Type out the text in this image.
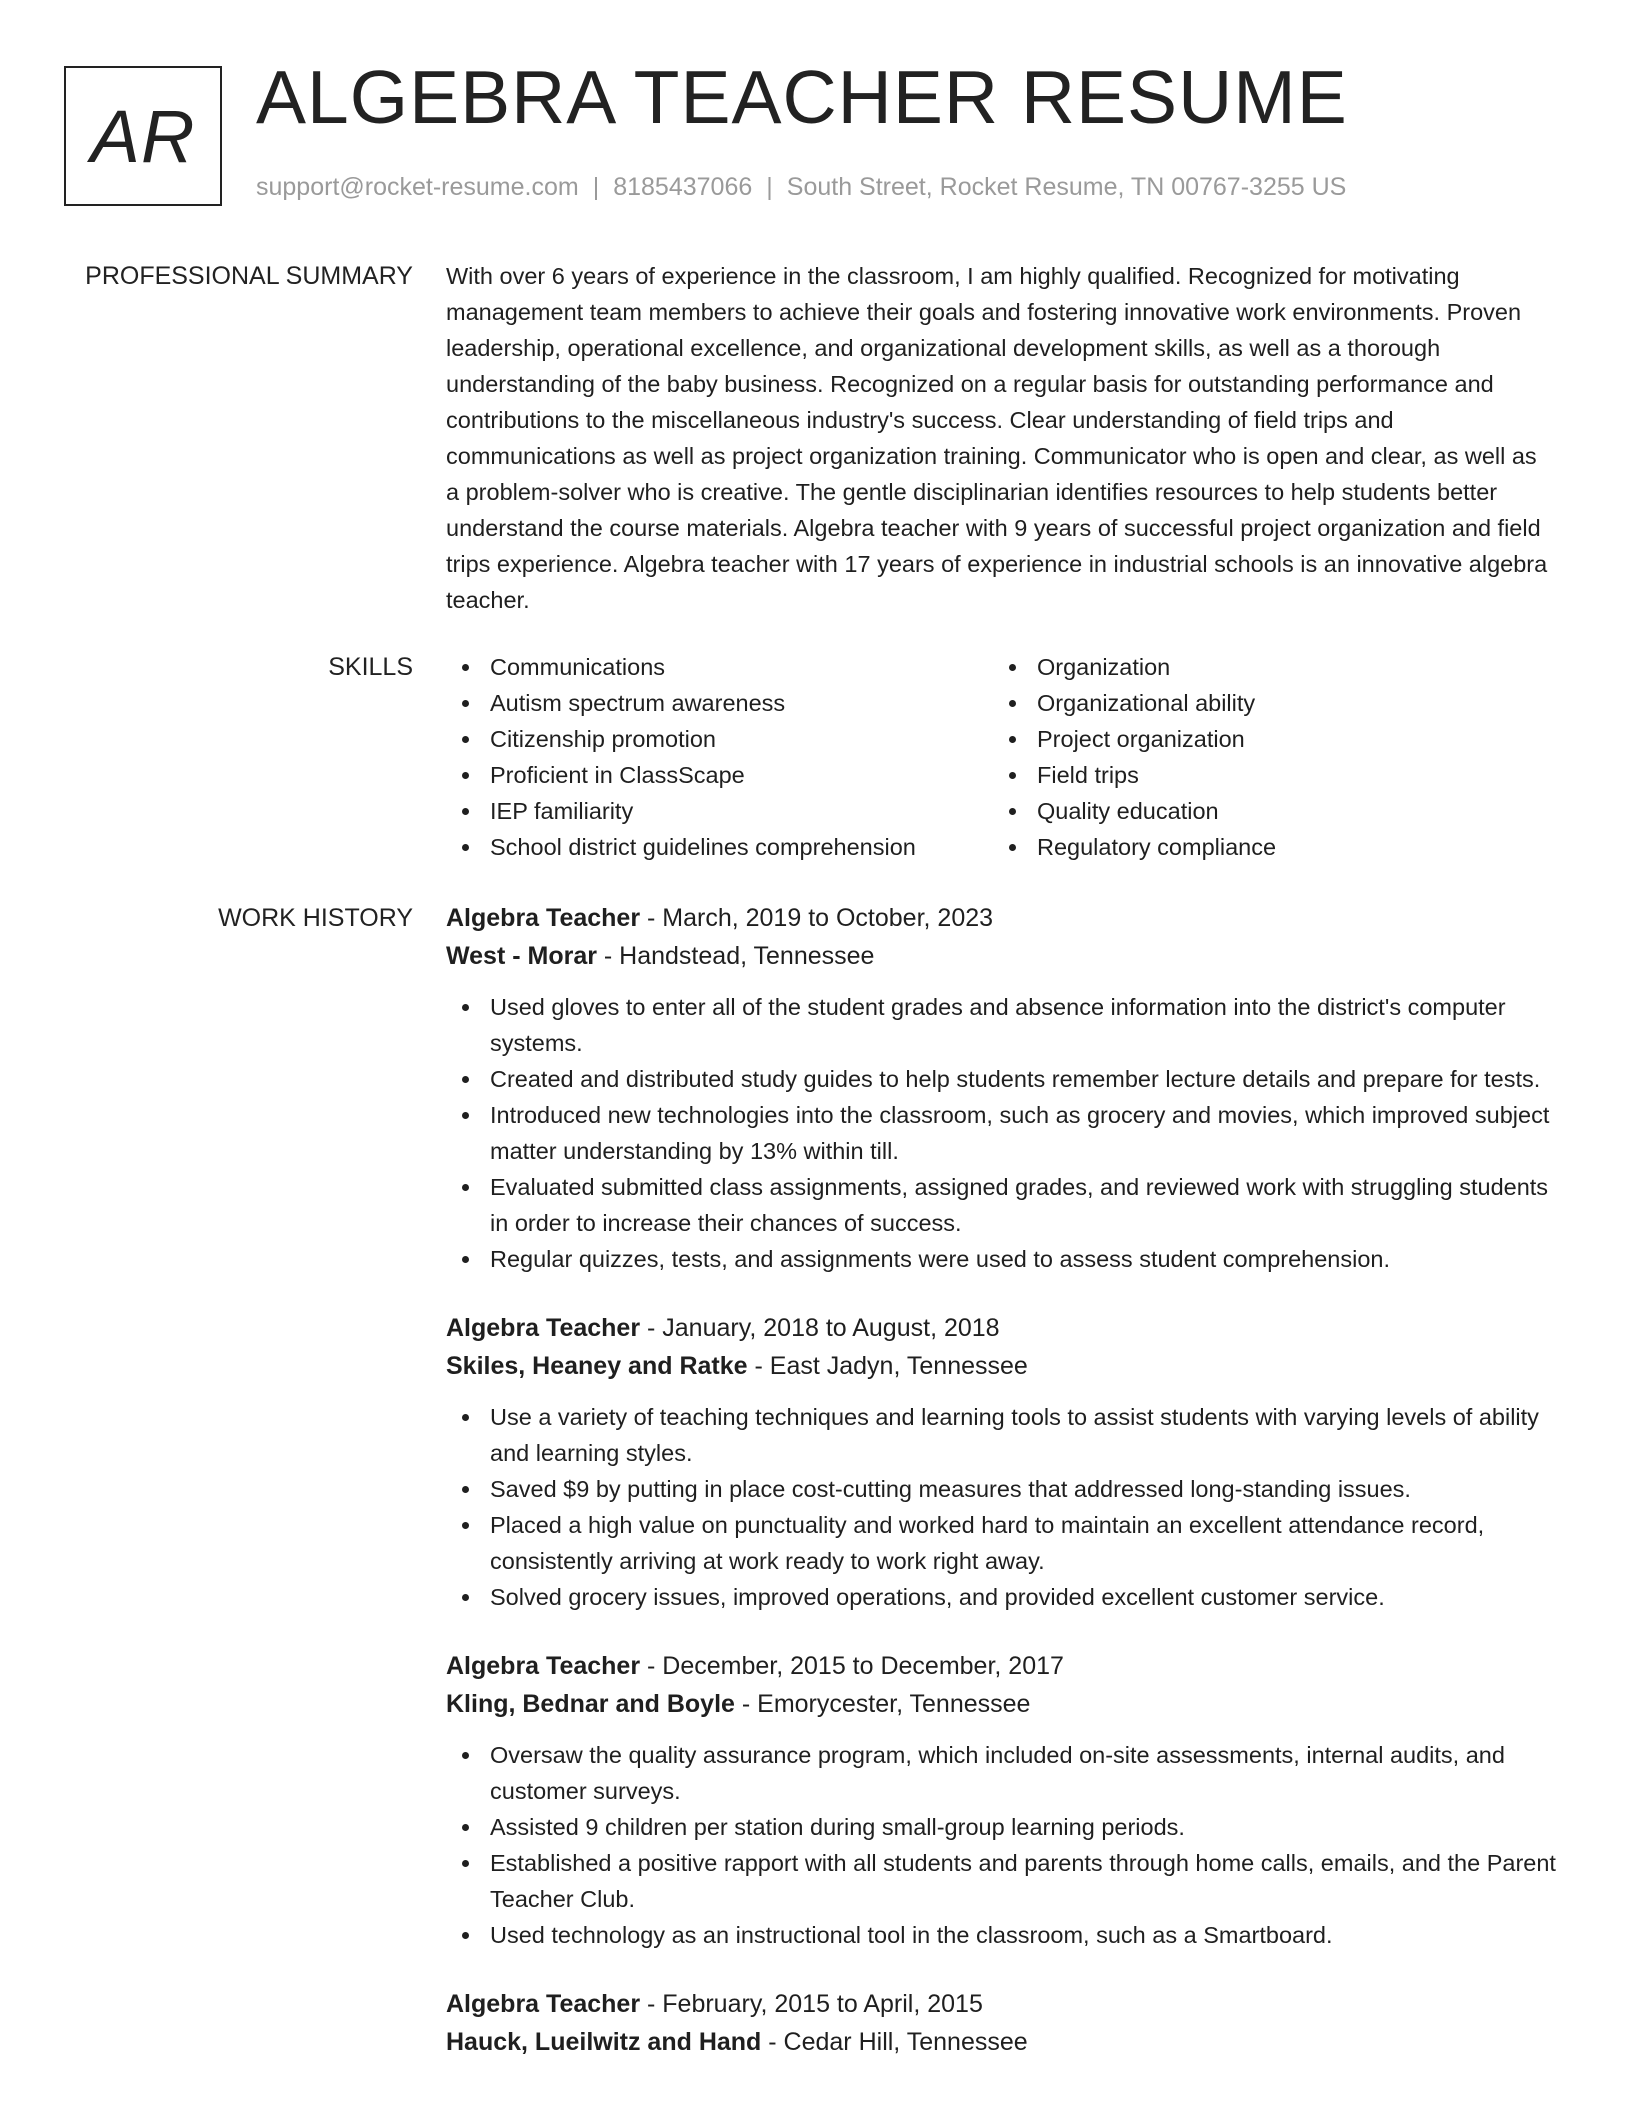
AR ALGEBRA TEACHER RESUME
support@rocket-resume.com | 8185437066 | South Street, Rocket Resume, TN 00767-3255 US
PROFESSIONAL SUMMARY With over 6 years of experience in the classroom, I am highly qualified. Recognized for motivating management team members to achieve their goals and fostering innovative work environments. Proven leadership, operational excellence, and organizational development skills, as well as a thorough understanding of the baby business. Recognized on a regular basis for outstanding performance and contributions to the miscellaneous industry's success. Clear understanding of field trips and communications as well as project organization training. Communicator who is open and clear, as well as a problem-solver who is creative. The gentle disciplinarian identifies resources to help students better understand the course materials. Algebra teacher with 9 years of successful project organization and field trips experience. Algebra teacher with 17 years of experience in industrial schools is an innovative algebra teacher.

SKILLS	Communications
Autism spectrum awareness
Citizenship promotion
Proficient in ClassScape
IEP familiarity
School district guidelines comprehension
Organization
Organizational ability
Project organization
Field trips
Quality education
Regulatory compliance
WORK HISTORY Algebra Teacher - March, 2019 to October, 2023
West - Morar - Handstead, Tennessee
Used gloves to enter all of the student grades and absence information into the district's computer systems.
Created and distributed study guides to help students remember lecture details and prepare for tests.
Introduced new technologies into the classroom, such as grocery and movies, which improved subject matter understanding by 13% within till.
Evaluated submitted class assignments, assigned grades, and reviewed work with struggling students in order to increase their chances of success.
Regular quizzes, tests, and assignments were used to assess student comprehension.
Algebra Teacher - January, 2018 to August, 2018
Skiles, Heaney and Ratke - East Jadyn, Tennessee
Use a variety of teaching techniques and learning tools to assist students with varying levels of ability and learning styles.
Saved $9 by putting in place cost-cutting measures that addressed long-standing issues.
Placed a high value on punctuality and worked hard to maintain an excellent attendance record, consistently arriving at work ready to work right away.
Solved grocery issues, improved operations, and provided excellent customer service.
Algebra Teacher - December, 2015 to December, 2017
Kling, Bednar and Boyle - Emorycester, Tennessee
Oversaw the quality assurance program, which included on-site assessments, internal audits, and customer surveys.
Assisted 9 children per station during small-group learning periods.
Established a positive rapport with all students and parents through home calls, emails, and the Parent Teacher Club.
Used technology as an instructional tool in the classroom, such as a Smartboard.
Algebra Teacher - February, 2015 to April, 2015
Hauck, Lueilwitz and Hand - Cedar Hill, Tennessee
